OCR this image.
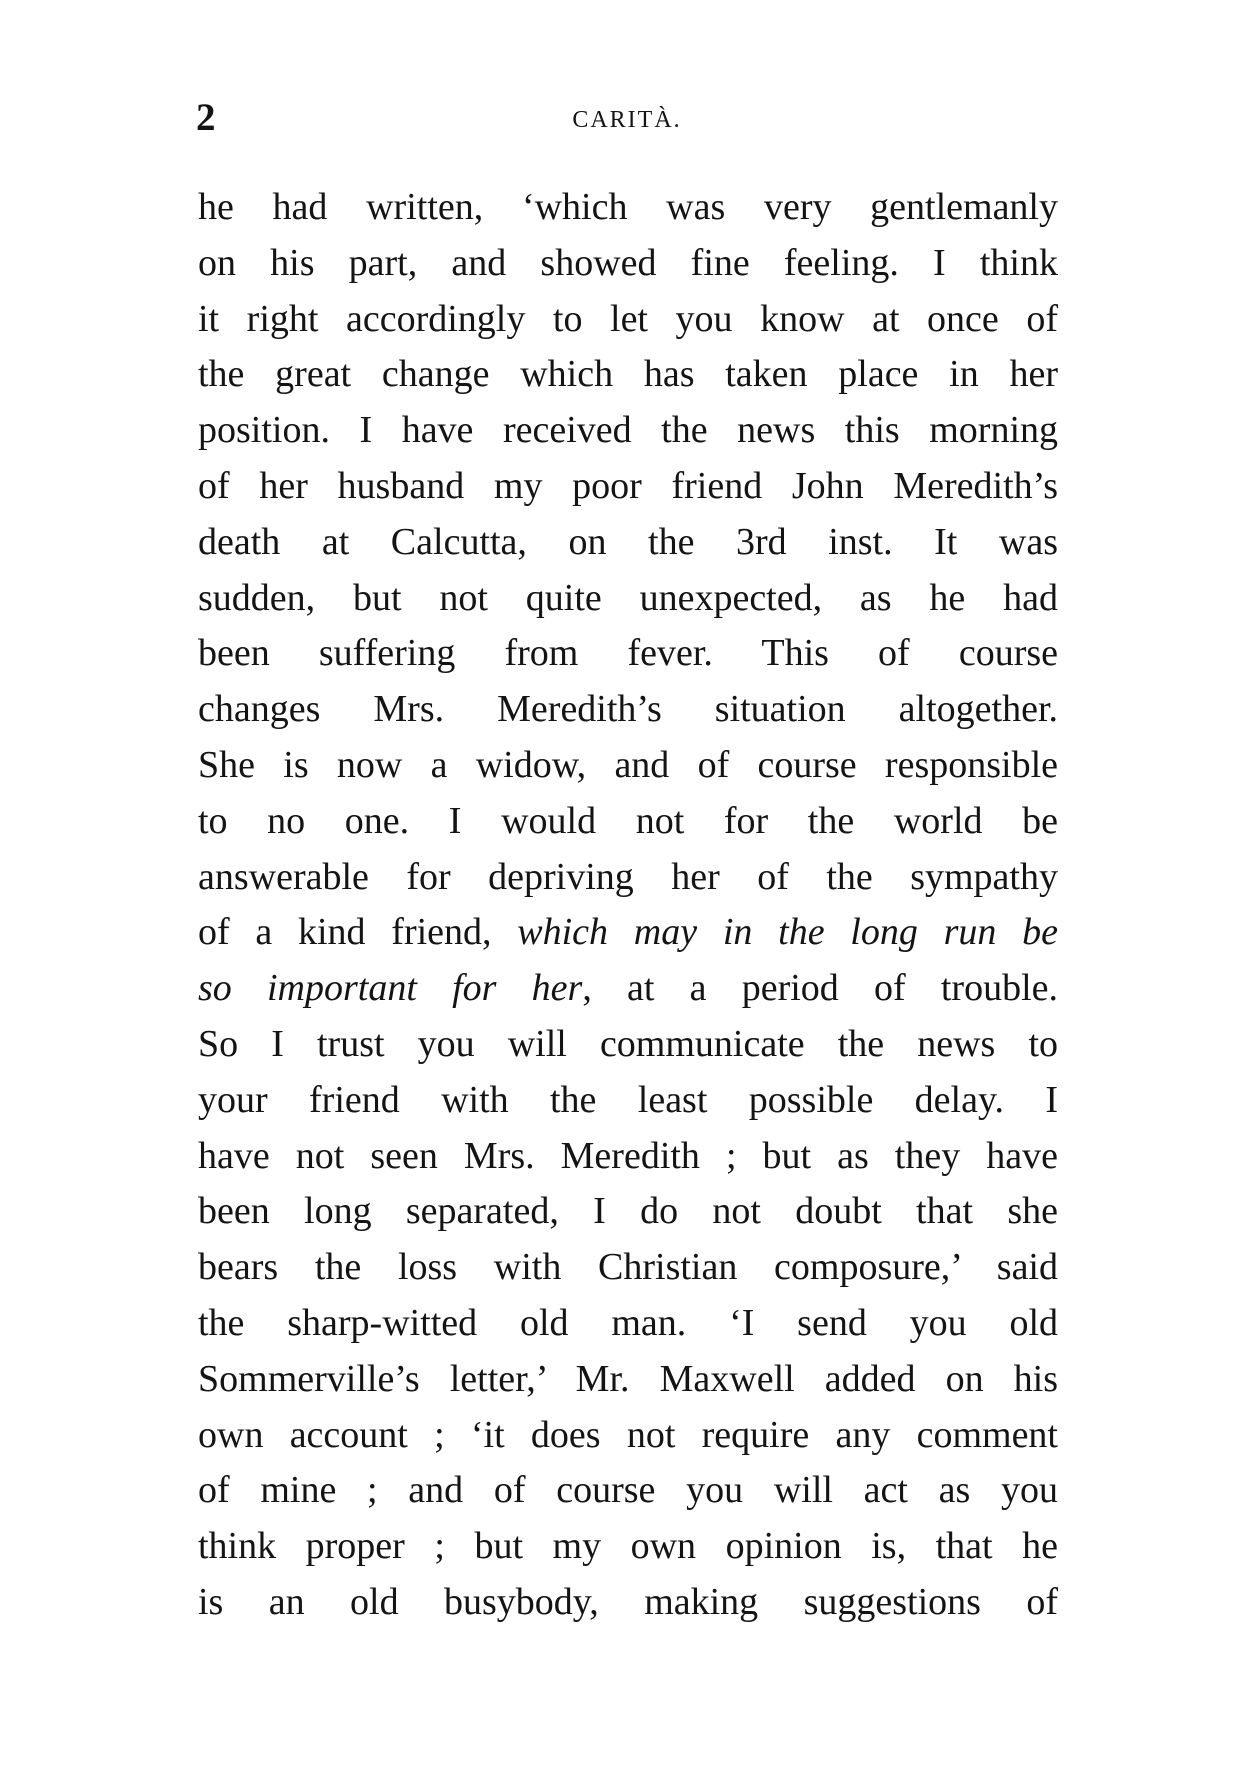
2	CARITÀ.
he had written, ‘which was very gentlemanly
on his part, and showed fine feeling. I think
it right accordingly to let you know at once of
the great change which has taken place in her
position. I have received the news this morning
of her husband my poor friend John Meredith’s
death at Calcutta, on the 3rd inst. It was
sudden, but not quite unexpected, as he had
been suffering from fever. This of course
changes Mrs. Meredith’s situation altogether.
She is now a widow, and of course responsible
to no one. I would not for the world be
answerable for depriving her of the sympathy
of a kind friend, which may in the long run be
so important for her, at a period of trouble.
So I trust you will communicate the news to
your friend with the least possible delay. I
have not seen Mrs. Meredith ; but as they have
been long separated, I do not doubt that she
bears the loss with Christian composure,’ said
the sharp-witted old man. ‘I send you old
Sommerville’s letter,’ Mr. Maxwell added on his
own account ; ‘it does not require any comment
of mine ; and of course you will act as you
think proper ; but my own opinion is, that he
is an old busybody, making suggestions of
